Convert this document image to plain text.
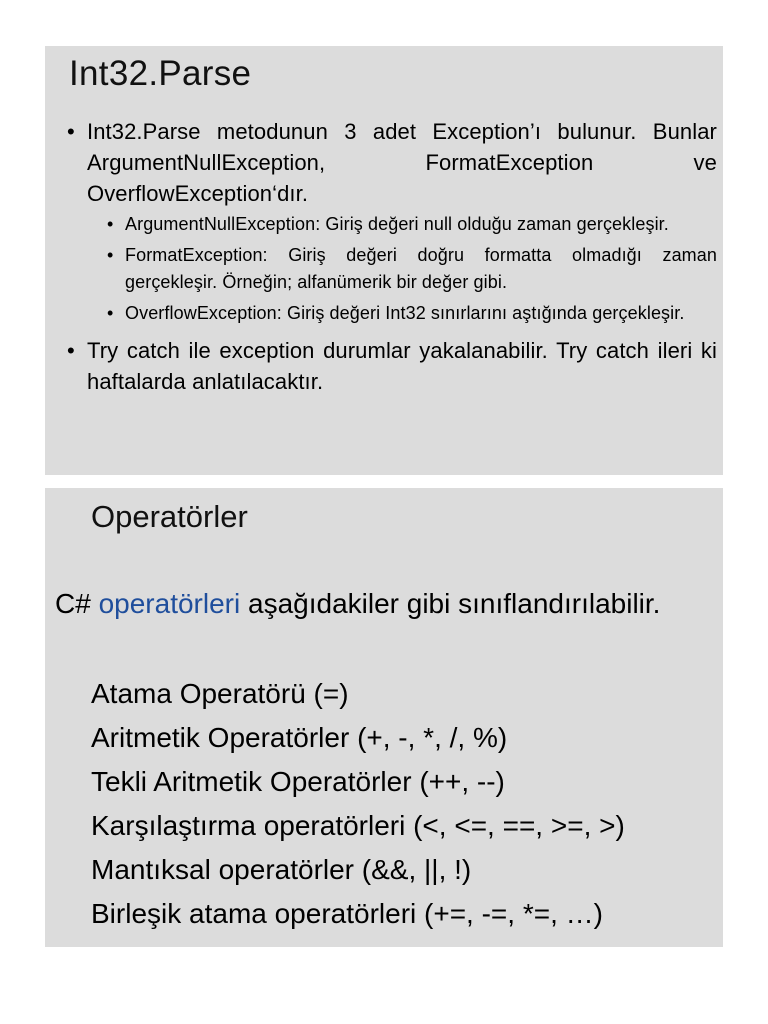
Int32.Parse
• Int32.Parse metodunun 3 adet Exception’ı bulunur. Bunlar ArgumentNullException, FormatException ve OverflowException‘dır.
• ArgumentNullException: Giriş değeri null olduğu zaman gerçekleşir.
• FormatException: Giriş değeri doğru formatta olmadığı zaman gerçekleşir. Örneğin; alfanümerik bir değer gibi.
• OverflowException: Giriş değeri Int32 sınırlarını aştığında gerçekleşir.
• Try catch ile exception durumlar yakalanabilir. Try catch ileri ki haftalarda anlatılacaktır.
Operatörler

C# operatörleri aşağıdakiler gibi sınıflandırılabilir.

Atama Operatörü (=)
Aritmetik Operatörler (+, -, *, /, %)
Tekli Aritmetik Operatörler (++, --)
Karşılaştırma operatörleri (<, <=, ==, >=, >)
Mantıksal operatörler (&&, ||, !)
Birleşik atama operatörleri (+=, -=, *=, …)
